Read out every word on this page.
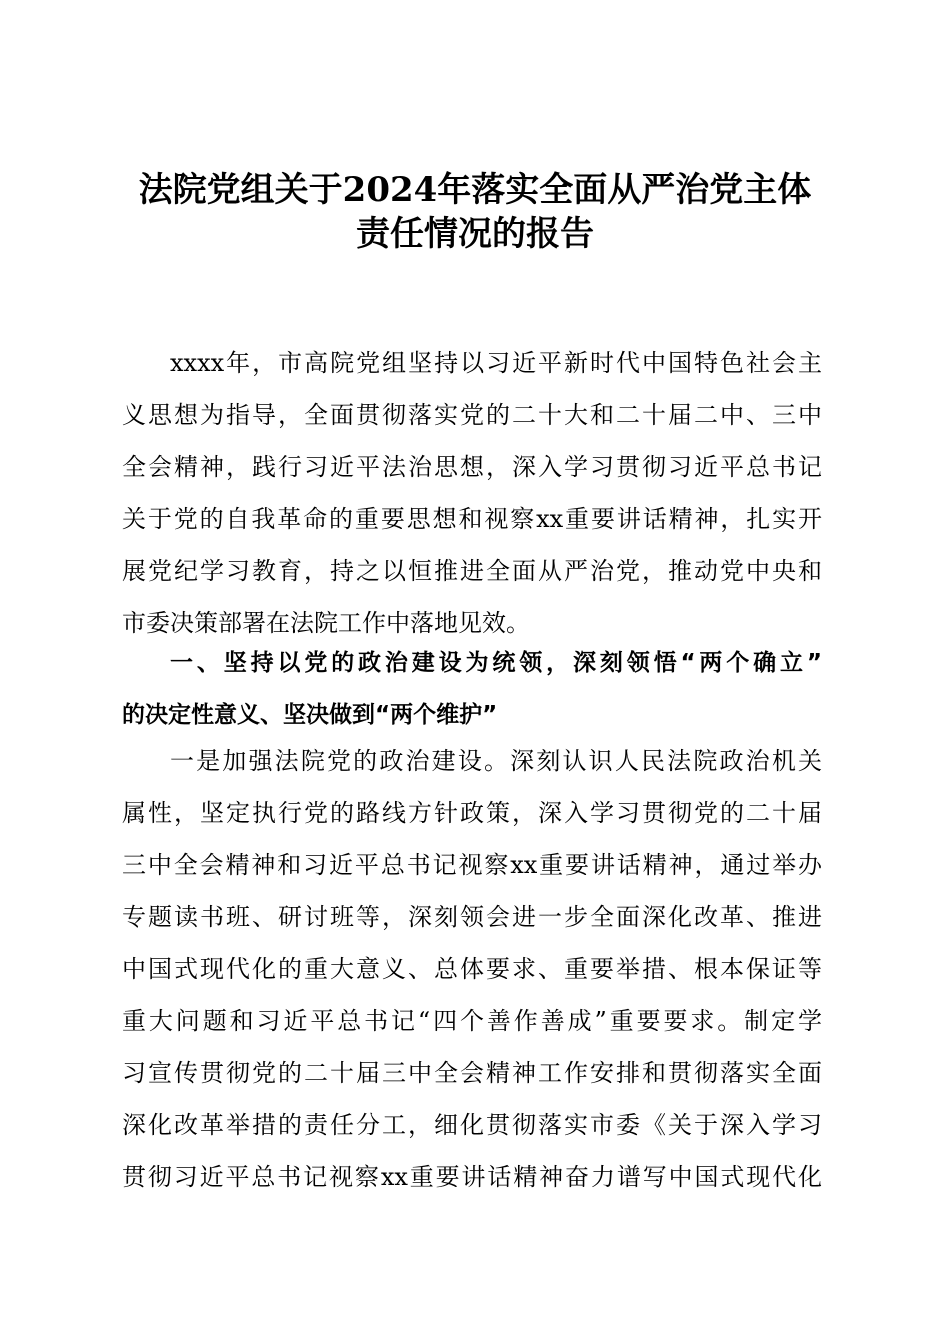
法院党组关于2024年落实全面从严治党主体
责任情况的报告
xxxx年，市高院党组坚持以习近平新时代中国特色社会主
义思想为指导，全面贯彻落实党的二十大和二十届二中、三中
全会精神，践行习近平法治思想，深入学习贯彻习近平总书记
关于党的自我革命的重要思想和视察xx重要讲话精神，扎实开
展党纪学习教育，持之以恒推进全面从严治党，推动党中央和
市委决策部署在法院工作中落地见效。
一、坚持以党的政治建设为统领，深刻领悟“两个确立”
的决定性意义、坚决做到“两个维护”
一是加强法院党的政治建设。深刻认识人民法院政治机关
属性，坚定执行党的路线方针政策，深入学习贯彻党的二十届
三中全会精神和习近平总书记视察xx重要讲话精神，通过举办
专题读书班、研讨班等，深刻领会进一步全面深化改革、推进
中国式现代化的重大意义、总体要求、重要举措、根本保证等
重大问题和习近平总书记“四个善作善成”重要要求。制定学
习宣传贯彻党的二十届三中全会精神工作安排和贯彻落实全面
深化改革举措的责任分工，细化贯彻落实市委《关于深入学习
贯彻习近平总书记视察xx重要讲话精神奋力谱写中国式现代化
